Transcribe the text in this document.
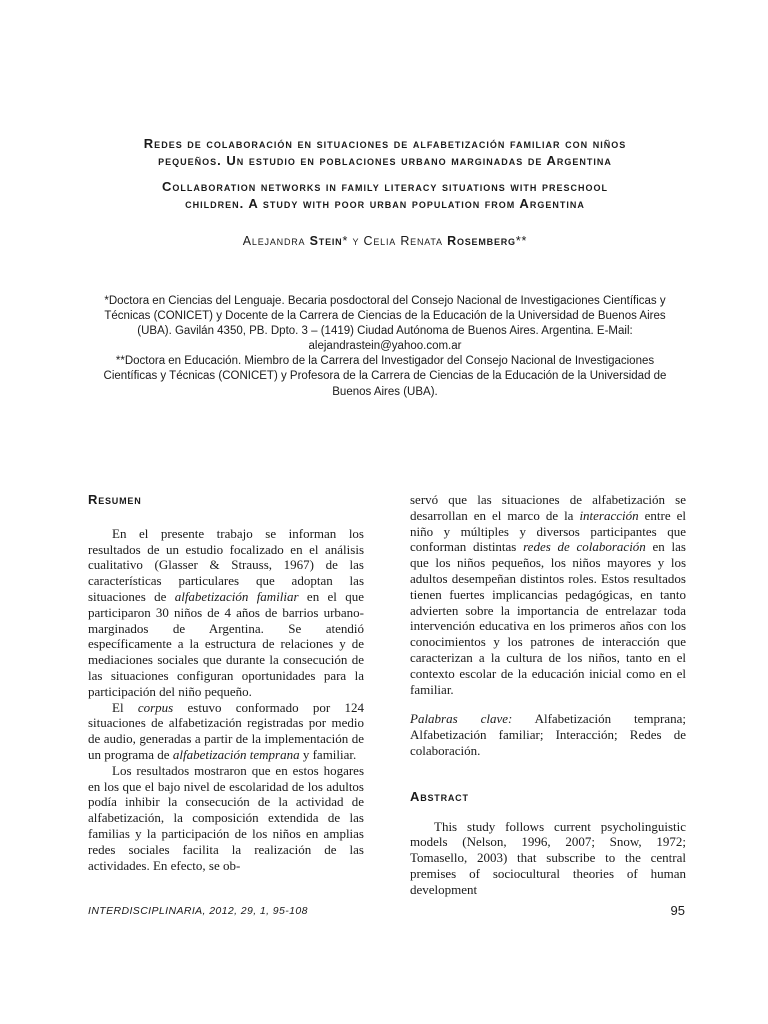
Redes de colaboración en situaciones de alfabetización familiar con niños
pequeños. Un estudio en poblaciones urbano marginadas de Argentina
Collaboration networks in family literacy situations with preschool
children. A study with poor urban population from Argentina

Alejandra Stein* y Celia Renata Rosemberg**

*Doctora en Ciencias del Lenguaje. Becaria posdoctoral del Consejo Nacional de Investigaciones Científicas y Técnicas (CONICET) y Docente de la Carrera de Ciencias de la Educación de la Universidad de Buenos Aires (UBA). Gavilán 4350, PB. Dpto. 3 – (1419) Ciudad Autónoma de Buenos Aires. Argentina. E-Mail: alejandrastein@yahoo.com.ar

**Doctora en Educación. Miembro de la Carrera del Investigador del Consejo Nacional de Investigaciones Científicas y Técnicas (CONICET) y Profesora de la Carrera de Ciencias de la Educación de la Universidad de Buenos Aires (UBA).

Resumen

En el presente trabajo se informan los resultados de un estudio focalizado en el análisis cualitativo (Glasser & Strauss, 1967) de las características particulares que adoptan las situaciones de alfabetización familiar en el que participaron 30 niños de 4 años de barrios urbano-marginados de Argentina. Se atendió específicamente a la estructura de relaciones y de mediaciones sociales que durante la consecución de las situaciones configuran oportunidades para la participación del niño pequeño.

El corpus estuvo conformado por 124 situaciones de alfabetización registradas por medio de audio, generadas a partir de la implementación de un programa de alfabetización temprana y familiar.

Los resultados mostraron que en estos hogares en los que el bajo nivel de escolaridad de los adultos podía inhibir la consecución de la actividad de alfabetización, la composición extendida de las familias y la participación de los niños en amplias redes sociales facilita la realización de las actividades. En efecto, se ob-

servó que las situaciones de alfabetización se desarrollan en el marco de la interacción entre el niño y múltiples y diversos participantes que conforman distintas redes de colaboración en las que los niños pequeños, los niños mayores y los adultos desempeñan distintos roles. Estos resultados tienen fuertes implicancias pedagógicas, en tanto advierten sobre la importancia de entrelazar toda intervención educativa en los primeros años con los conocimientos y los patrones de interacción que caracterizan a la cultura de los niños, tanto en el contexto escolar de la educación inicial como en el familiar.

Palabras clave: Alfabetización temprana; Alfabetización familiar; Interacción; Redes de colaboración.

Abstract

This study follows current psycholinguistic models (Nelson, 1996, 2007; Snow, 1972; Tomasello, 2003) that subscribe to the central premises of sociocultural theories of human development

INTERDISCIPLINARIA, 2012, 29, 1, 95-108	95
